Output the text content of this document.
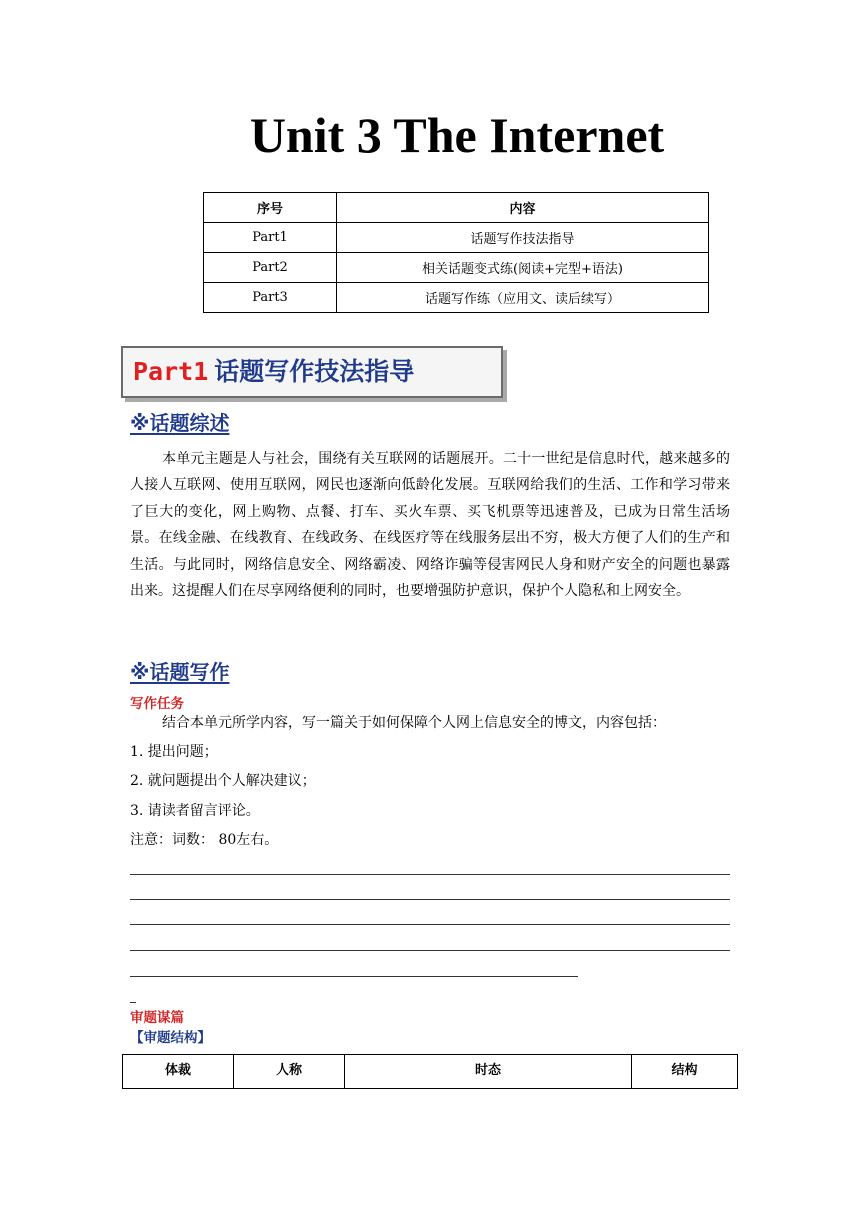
Unit 3 The Internet
序号	内容
Part1	话题写作技法指导
Part2	相关话题变式练(阅读+完型+语法)
Part3	话题写作练（应用文、读后续写）
Part1 话题写作技法指导
※话题综述
本单元主题是人与社会，围绕有关互联网的话题展开。二十一世纪是信息时代，越来越多的人接人互联网、使用互联网，网民也逐渐向低龄化发展。互联网给我们的生活、工作和学习带来了巨大的变化，网上购物、点餐、打车、买火车票、买飞机票等迅速普及，已成为日常生活场景。在线金融、在线教育、在线政务、在线医疗等在线服务层出不穷，极大方便了人们的生产和生活。与此同时，网络信息安全、网络霸凌、网络诈骗等侵害网民人身和财产安全的问题也暴露出来。这提醒人们在尽享网络便利的同时，也要增强防护意识，保护个人隐私和上网安全。
※话题写作
写作任务
结合本单元所学内容，写一篇关于如何保障个人网上信息安全的博文，内容包括：
1. 提出问题；
2. 就问题提出个人解决建议；
3. 请读者留言评论。
注意：词数： 80左右。
审题谋篇
【审题结构】
体裁	人称	时态	结构
